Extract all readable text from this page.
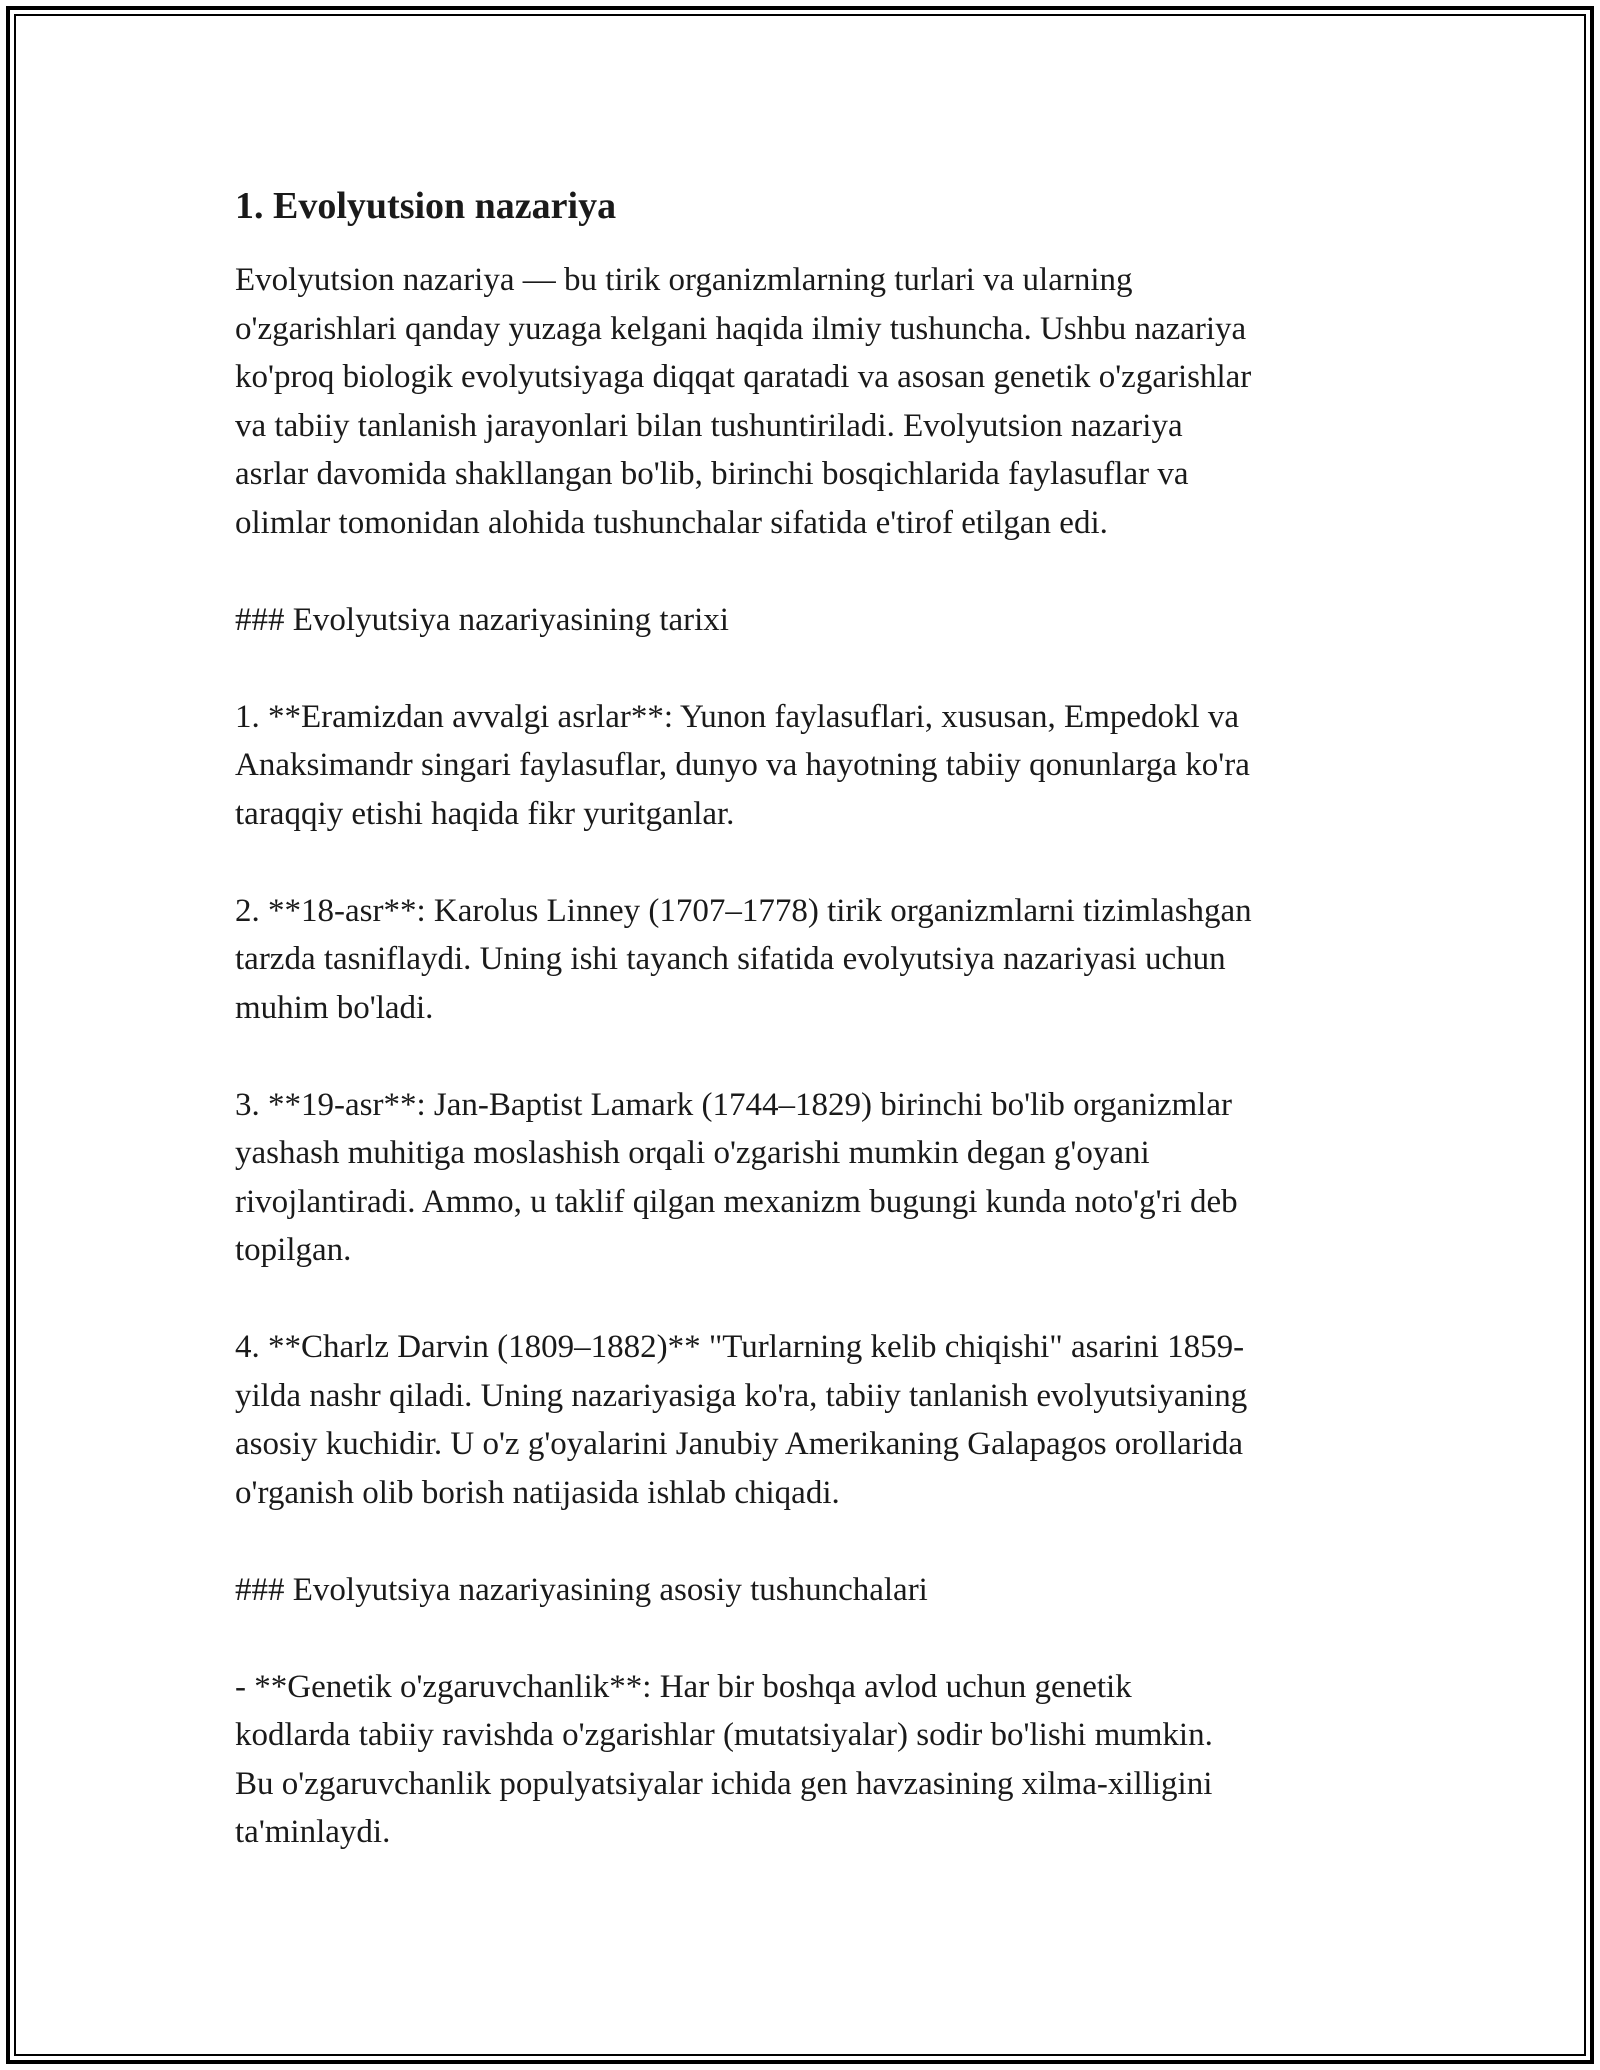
1. Evolyutsion nazariya

Evolyutsion nazariya — bu tirik organizmlarning turlari va ularning
o'zgarishlari qanday yuzaga kelgani haqida ilmiy tushuncha. Ushbu nazariya
ko'proq biologik evolyutsiyaga diqqat qaratadi va asosan genetik o'zgarishlar
va tabiiy tanlanish jarayonlari bilan tushuntiriladi. Evolyutsion nazariya
asrlar davomida shakllangan bo'lib, birinchi bosqichlarida faylasuflar va
olimlar tomonidan alohida tushunchalar sifatida e'tirof etilgan edi.

### Evolyutsiya nazariyasining tarixi

1. **Eramizdan avvalgi asrlar**: Yunon faylasuflari, xususan, Empedokl va
Anaksimandr singari faylasuflar, dunyo va hayotning tabiiy qonunlarga ko'ra
taraqqiy etishi haqida fikr yuritganlar.

2. **18-asr**: Karolus Linney (1707–1778) tirik organizmlarni tizimlashgan
tarzda tasniflaydi. Uning ishi tayanch sifatida evolyutsiya nazariyasi uchun
muhim bo'ladi.

3. **19-asr**: Jan-Baptist Lamark (1744–1829) birinchi bo'lib organizmlar
yashash muhitiga moslashish orqali o'zgarishi mumkin degan g'oyani
rivojlantiradi. Ammo, u taklif qilgan mexanizm bugungi kunda noto'g'ri deb
topilgan.

4. **Charlz Darvin (1809–1882)** "Turlarning kelib chiqishi" asarini 1859-
yilda nashr qiladi. Uning nazariyasiga ko'ra, tabiiy tanlanish evolyutsiyaning
asosiy kuchidir. U o'z g'oyalarini Janubiy Amerikaning Galapagos orollarida
o'rganish olib borish natijasida ishlab chiqadi.

### Evolyutsiya nazariyasining asosiy tushunchalari

- **Genetik o'zgaruvchanlik**: Har bir boshqa avlod uchun genetik
kodlarda tabiiy ravishda o'zgarishlar (mutatsiyalar) sodir bo'lishi mumkin.
Bu o'zgaruvchanlik populyatsiyalar ichida gen havzasining xilma-xilligini
ta'minlaydi.
